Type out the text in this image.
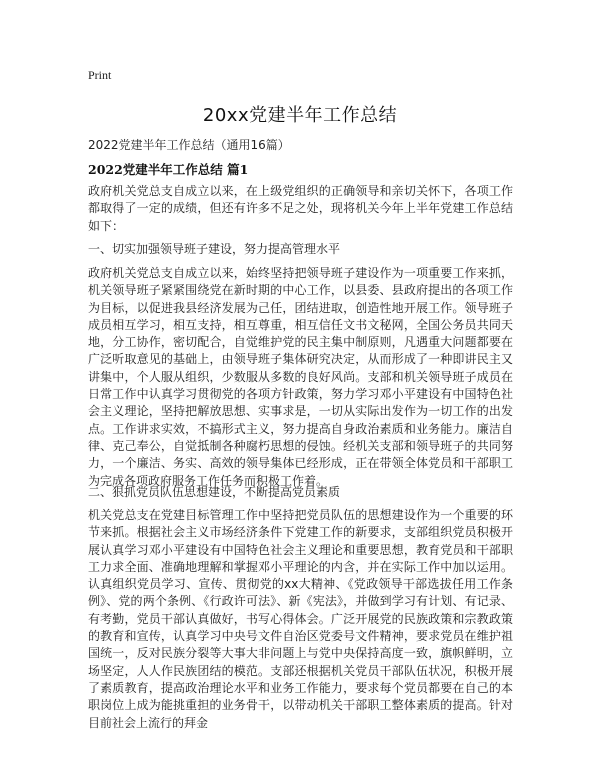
Print
20xx党建半年工作总结
2022党建半年工作总结（通用16篇）
2022党建半年工作总结 篇1
政府机关党总支自成立以来，在上级党组织的正确领导和亲切关怀下，各项工作都取得了一定的成绩，但还有许多不足之处，现将机关今年上半年党建工作总结如下：
一、切实加强领导班子建设，努力提高管理水平
政府机关党总支自成立以来，始终坚持把领导班子建设作为一项重要工作来抓，机关领导班子紧紧围绕党在新时期的中心工作，以县委、县政府提出的各项工作为目标，以促进我县经济发展为己任，团结进取，创造性地开展工作。领导班子成员相互学习，相互支持，相互尊重，相互信任文书文秘网，全国公务员共同天地，分工协作，密切配合，自觉维护党的民主集中制原则，凡遇重大问题都要在广泛听取意见的基础上，由领导班子集体研究决定，从而形成了一种即讲民主又讲集中，个人服从组织，少数服从多数的良好风尚。支部和机关领导班子成员在日常工作中认真学习贯彻党的各项方针政策，努力学习邓小平建设有中国特色社会主义理论，坚持把解放思想、实事求是，一切从实际出发作为一切工作的出发点。工作讲求实效，不搞形式主义，努力提高自身政治素质和业务能力。廉洁自律、克己奉公，自觉抵制各种腐朽思想的侵蚀。经机关支部和领导班子的共同努力，一个廉洁、务实、高效的领导集体已经形成，正在带领全体党员和干部职工为完成各项政府服务工作任务而积极工作着。
二、狠抓党员队伍思想建设，不断提高党员素质
机关党总支在党建目标管理工作中坚持把党员队伍的思想建设作为一个重要的环节来抓。根据社会主义市场经济条件下党建工作的新要求，支部组织党员积极开展认真学习邓小平建设有中国特色社会主义理论和重要思想，教育党员和干部职工力求全面、准确地理解和掌握邓小平理论的内含，并在实际工作中加以运用。认真组织党员学习、宣传、贯彻党的xx大精神、《党政领导干部选拔任用工作条例》、党的两个条例、《行政许可法》、新《宪法》，并做到学习有计划、有记录、有考勤，党员干部认真做好，书写心得体会。广泛开展党的民族政策和宗教政策的教育和宣传，认真学习中央号文件自治区党委号文件精神，要求党员在维护祖国统一，反对民族分裂等大事大非问题上与党中央保持高度一致，旗帜鲜明，立场坚定，人人作民族团结的模范。支部还根据机关党员干部队伍状况，积极开展了素质教育，提高政治理论水平和业务工作能力，要求每个党员都要在自己的本职岗位上成为能挑重担的业务骨干，以带动机关干部职工整体素质的提高。针对目前社会上流行的拜金
